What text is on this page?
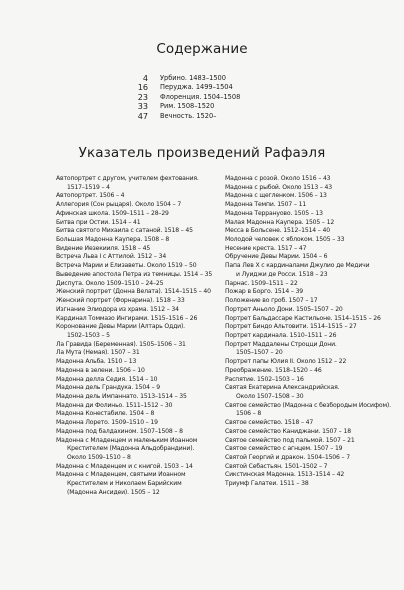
Содержание
4	Урбино. 1483–1500
16	Перуджа. 1499–1504
23	Флоренция. 1504–1508
33	Рим. 1508–1520
47	Вечность. 1520–
Указатель произведений Рафаэля
Автопортрет с другом, учителем фехтования.
1517–1519 – 4
Автопортрет. 1506 – 4
Аллегория (Сон рыцаря). Около 1504 – 7
Афинская школа. 1509–1511 – 28–29
Битва при Остии. 1514 – 41
Битва святого Михаила с сатаной. 1518 – 45
Большая Мадонна Каупера. 1508 – 8
Видение Иезекииля. 1518 – 45
Встреча Льва I с Аттилой. 1512 – 34
Встреча Марии и Елизаветы. Около 1519 – 50
Выведение апостола Петра из темницы. 1514 – 35
Диспута. Около 1509–1510 – 24–25
Женский портрет (Донна Велата). 1514–1515 – 40
Женский портрет (Форнарина). 1518 – 33
Изгнание Элиодора из храма. 1512 – 34
Кардинал Томмазо Ингирами. 1515–1516 – 26
Коронование Девы Марии (Алтарь Одди).
1502–1503 – 5
Ла Гравида (Беременная). 1505–1506 – 31
Ла Мута (Немая). 1507 – 31
Мадонна Альба. 1510 – 13
Мадонна в зелени. 1506 – 10
Мадонна делла Седия. 1514 – 10
Мадонна дель Грандука. 1504 – 9
Мадонна дель Импаннато. 1513–1514 – 35
Мадонна ди Фолиньо. 1511–1512 – 30
Мадонна Конестабиле. 1504 – 8
Мадонна Лорето. 1509–1510 – 19
Мадонна под балдахином. 1507–1508 – 8
Мадонна с Младенцем и маленьким Иоанном
Крестителем (Мадонна Альдобрандини).
Около 1509–1510 – 8
Мадонна с Младенцем и с книгой. 1503 – 14
Мадонна с Младенцем, святыми Иоанном
Крестителем и Николаем Барийским
(Мадонна Ансидеи). 1505 – 12
Мадонна с розой. Около 1516 – 43
Мадонна с рыбой. Около 1513 – 43
Мадонна с щегленком. 1506 – 13
Мадонна Темпи. 1507 – 11
Мадонна Террануово. 1505 – 13
Малая Мадонна Каупера. 1505 – 12
Месса в Больсене. 1512–1514 – 40
Молодой человек с яблоком. 1505 – 33
Несение креста. 1517 – 47
Обручение Девы Марии. 1504 – 6
Папа Лев X с кардиналами Джулио де Медичи
и Луиджи де Росси. 1518 – 23
Парнас. 1509–1511 – 22
Пожар в Борго. 1514 – 39
Положение во гроб. 1507 – 17
Портрет Аньоло Дони. 1505–1507 – 20
Портрет Бальдассаре Кастильоне. 1514–1515 – 26
Портрет Биндо Альтовити. 1514–1515 – 27
Портрет кардинала. 1510–1511 – 26
Портрет Маддалены Строцци Дони.
1505–1507 – 20
Портрет папы Юлия II. Около 1512 – 22
Преображение. 1518–1520 – 46
Распятие. 1502–1503 – 16
Святая Екатерина Александрийская.
Около 1507–1508 – 30
Святое семейство (Мадонна с безбородым Иосифом).
1506 – 8
Святое семейство. 1518 – 47
Святое семейство Каниджани. 1507 – 18
Святое семейство под пальмой. 1507 – 21
Святое семейство с агнцем. 1507 – 19
Святой Георгий и дракон. 1504–1506 – 7
Святой Себастьян. 1501–1502 – 7
Сикстинская Мадонна. 1513–1514 – 42
Триумф Галатеи. 1511 – 38
